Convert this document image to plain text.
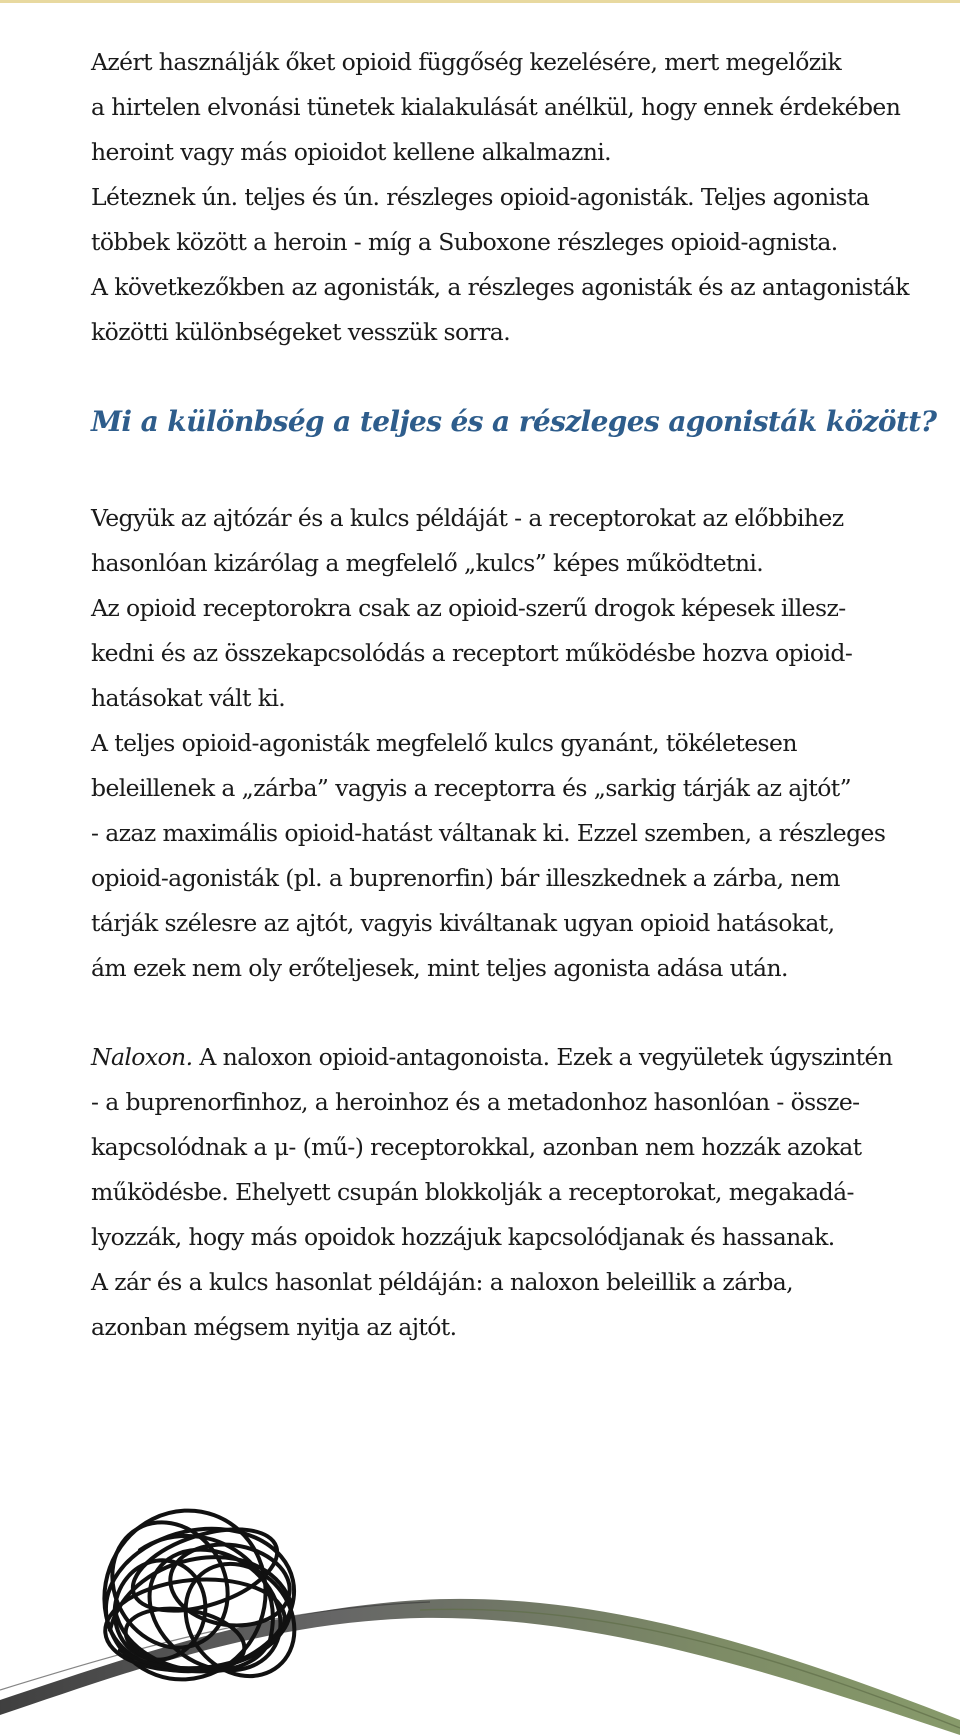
Azért használják őket opioid függőség kezelésére, mert megelőzik
a hirtelen elvonási tünetek kialakulását anélkül, hogy ennek érdekében
heroint vagy más opioidot kellene alkalmazni.
Léteznek ún. teljes és ún. részleges opioid-agonisták. Teljes agonista
többek között a heroin - míg a Suboxone részleges opioid-agnista.
A következőkben az agonisták, a részleges agonisták és az antagonisták
közötti különbségeket vesszük sorra.
Mi a különbség a teljes és a részleges agonisták között?
Vegyük az ajtózár és a kulcs példáját - a receptorokat az előbbihez
hasonlóan kizárólag a megfelelő „kulcs” képes működtetni.
Az opioid receptorokra csak az opioid-szerű drogok képesek illesz-
kedni és az összekapcsolódás a receptort működésbe hozva opioid-
hatásokat vált ki.
A teljes opioid-agonisták megfelelő kulcs gyanánt, tökéletesen
beleillenek a „zárba” vagyis a receptorra és „sarkig tárják az ajtót”
- azaz maximális opioid-hatást váltanak ki. Ezzel szemben, a részleges
opioid-agonisták (pl. a buprenorfin) bár illeszkednek a zárba, nem
tárják szélesre az ajtót, vagyis kiváltanak ugyan opioid hatásokat,
ám ezek nem oly erőteljesek, mint teljes agonista adása után.
Naloxon. A naloxon opioid-antagonoista. Ezek a vegyületek úgyszintén
- a buprenorfinhoz, a heroinhoz és a metadonhoz hasonlóan - össze-
kapcsolódnak a μ- (mű-) receptorokkal, azonban nem hozzák azokat
működésbe. Ehelyett csupán blokkolják a receptorokat, megakadá-
lyozzák, hogy más opoidok hozzájuk kapcsolódjanak és hassanak.
A zár és a kulcs hasonlat példáján: a naloxon beleillik a zárba,
azonban mégsem nyitja az ajtót.
